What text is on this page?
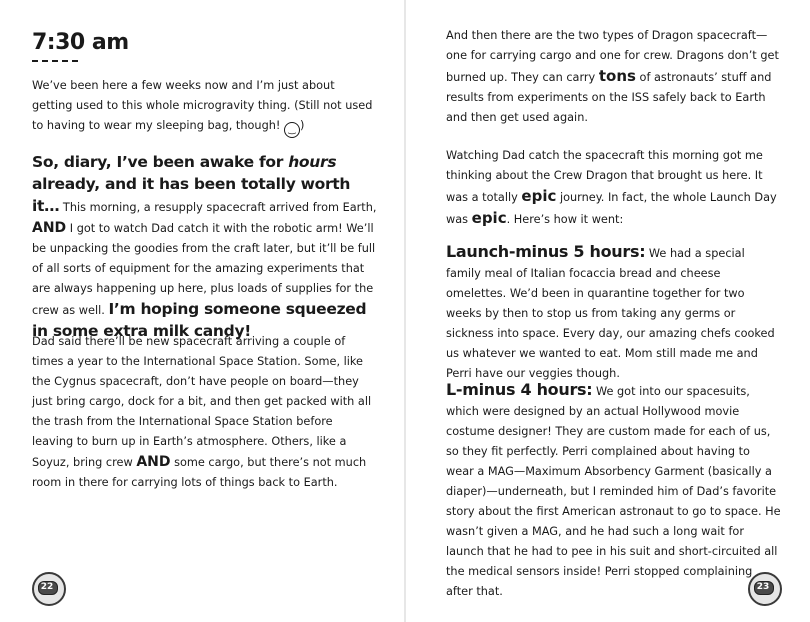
7:30 am

We’ve been here a few weeks now and I’m just about getting used to this whole microgravity thing. (Still not used to having to wear my sleeping bag, though! ‿ )

So, diary, I’ve been awake for hours already, and it has been totally worth it… This morning, a resupply spacecraft arrived from Earth, AND I got to watch Dad catch it with the robotic arm! We’ll be unpacking the goodies from the craft later, but it’ll be full of all sorts of equipment for the amazing experiments that are always happening up here, plus loads of supplies for the crew as well. I’m hoping someone squeezed in some extra milk candy!

Dad said there’ll be new spacecraft arriving a couple of times a year to the International Space Station. Some, like the Cygnus spacecraft, don’t have people on board—they just bring cargo, dock for a bit, and then get packed with all the trash from the International Space Station before leaving to burn up in Earth’s atmosphere. Others, like a Soyuz, bring crew AND some cargo, but there’s not much room in there for carrying lots of things back to Earth.

22

And then there are the two types of Dragon spacecraft—one for carrying cargo and one for crew. Dragons don’t get burned up. They can carry tons of astronauts’ stuff and results from experiments on the ISS safely back to Earth and then get used again.

Watching Dad catch the spacecraft this morning got me thinking about the Crew Dragon that brought us here. It was a totally epic journey. In fact, the whole Launch Day was epic. Here’s how it went:

Launch-minus 5 hours: We had a special family meal of Italian focaccia bread and cheese omelettes. We’d been in quarantine together for two weeks by then to stop us from taking any germs or sickness into space. Every day, our amazing chefs cooked us whatever we wanted to eat. Mom still made me and Perri have our veggies though.

L-minus 4 hours: We got into our spacesuits, which were designed by an actual Hollywood movie costume designer! They are custom made for each of us, so they fit perfectly. Perri complained about having to wear a MAG—Maximum Absorbency Garment (basically a diaper)—underneath, but I reminded him of Dad’s favorite story about the first American astronaut to go to space. He wasn’t given a MAG, and he had such a long wait for launch that he had to pee in his suit and short-circuited all the medical sensors inside! Perri stopped complaining after that.	23
